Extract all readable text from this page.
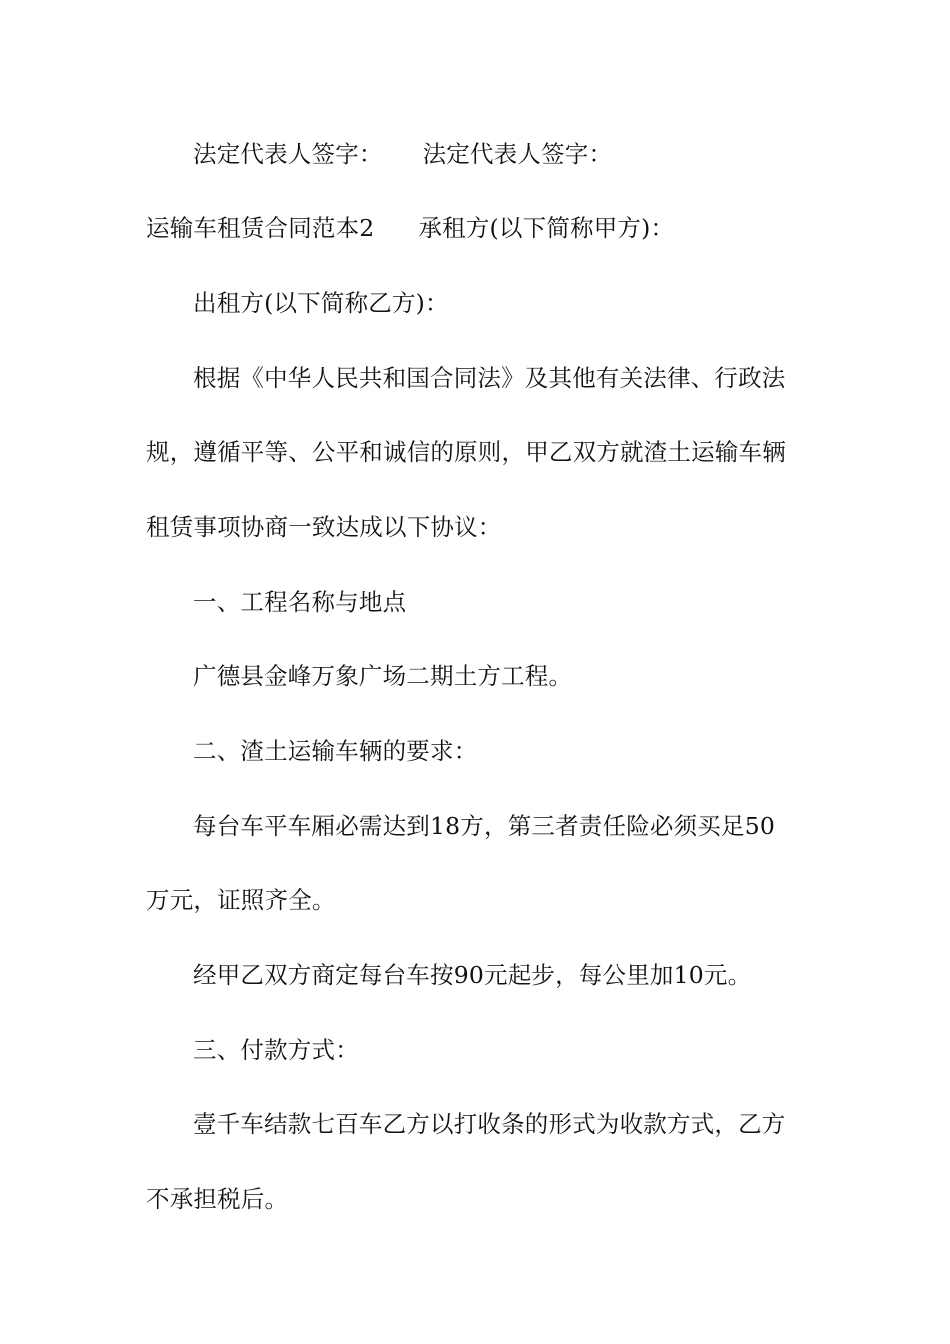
法定代表人签字： 法定代表人签字：
运输车租赁合同范本2 承租方(以下简称甲方)：
出租方(以下简称乙方)：
根据《中华人民共和国合同法》及其他有关法律、行政法
规，遵循平等、公平和诚信的原则，甲乙双方就渣土运输车辆
租赁事项协商一致达成以下协议：
一、工程名称与地点
广德县金峰万象广场二期土方工程。
二、渣土运输车辆的要求：
每台车平车厢必需达到18方，第三者责任险必须买足50
万元，证照齐全。
经甲乙双方商定每台车按90元起步，每公里加10元。
三、付款方式：
壹千车结款七百车乙方以打收条的形式为收款方式，乙方
不承担税后。
